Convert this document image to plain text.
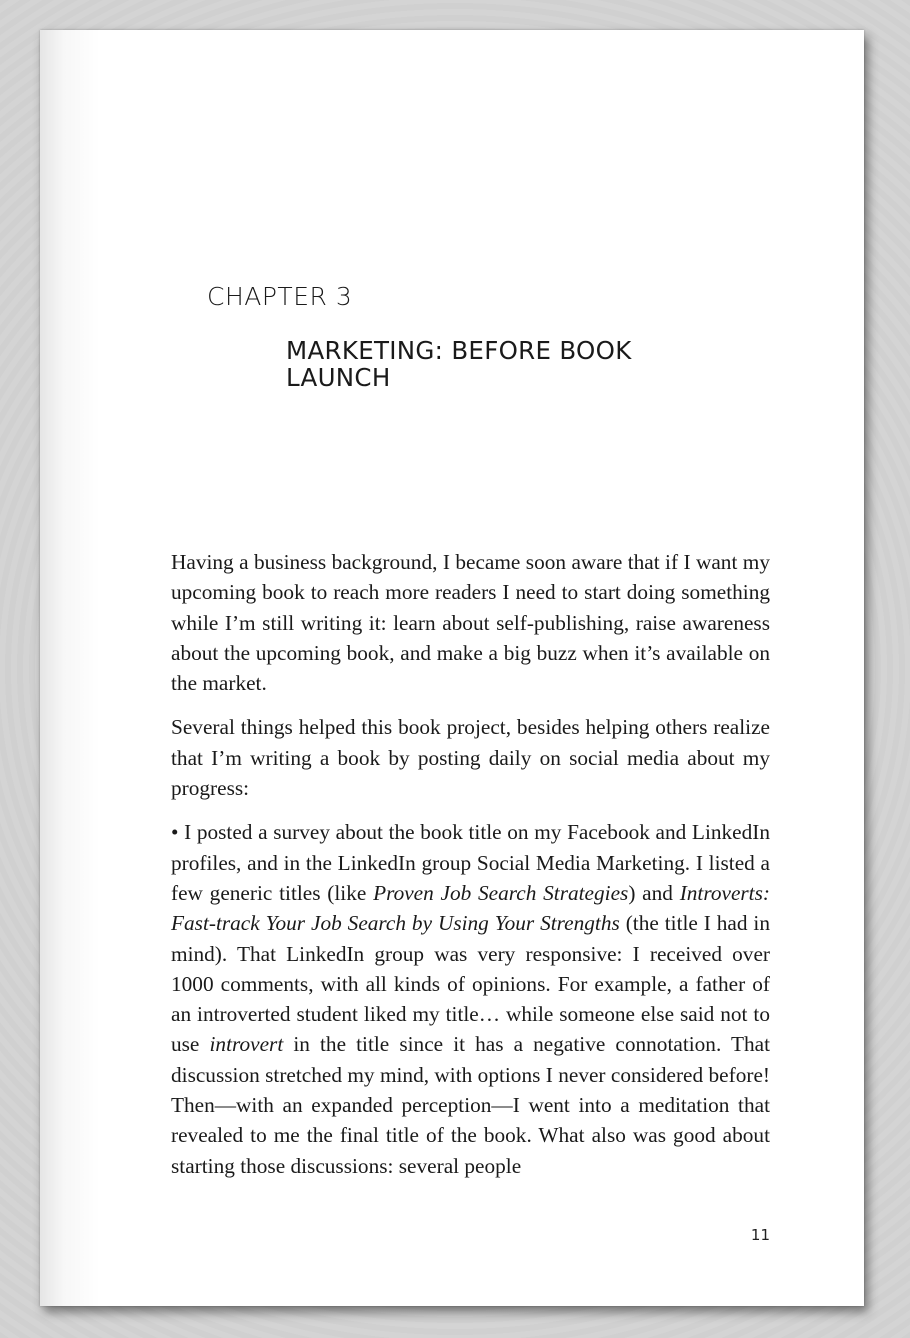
CHAPTER 3
MARKETING: BEFORE BOOK LAUNCH

Having a business background, I became soon aware that if I want my upcoming book to reach more readers I need to start doing something while I’m still writing it: learn about self-publishing, raise awareness about the upcoming book, and make a big buzz when it’s available on the market.

Several things helped this book project, besides helping others realize that I’m writing a book by posting daily on social media about my progress:

• I posted a survey about the book title on my Facebook and LinkedIn profiles, and in the LinkedIn group Social Media Marketing. I listed a few generic titles (like Proven Job Search Strategies) and Introverts: Fast-track Your Job Search by Using Your Strengths (the title I had in mind). That LinkedIn group was very responsive: I received over 1000 comments, with all kinds of opinions. For example, a father of an introverted student liked my title… while someone else said not to use introvert in the title since it has a negative connotation. That discussion stretched my mind, with options I never considered before! Then—with an expanded perception—I went into a meditation that revealed to me the final title of the book. What also was good about starting those discussions: several people

11
